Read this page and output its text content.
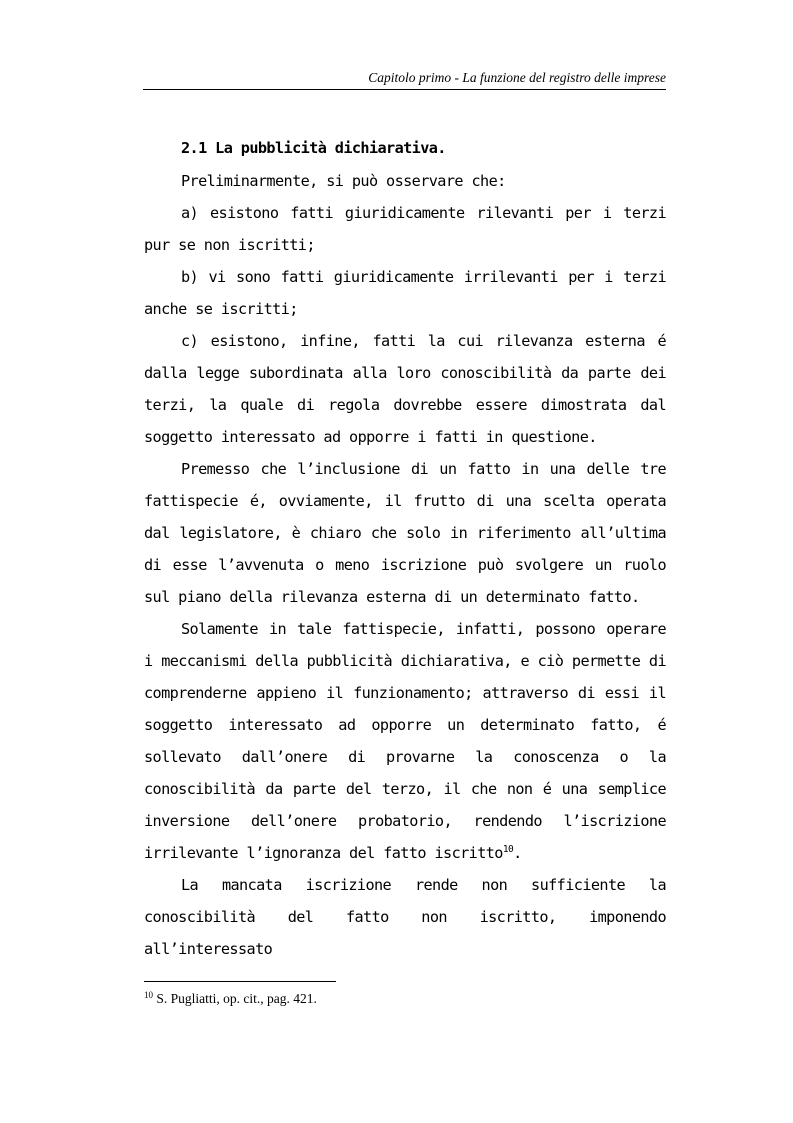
Capitolo primo - La funzione del registro delle imprese
2.1 La pubblicità dichiarativa.

Preliminarmente, si può osservare che:

a) esistono fatti giuridicamente rilevanti per i terzi pur se non iscritti;

b) vi sono fatti giuridicamente irrilevanti per i terzi anche se iscritti;

c) esistono, infine, fatti la cui rilevanza esterna é dalla legge subordinata alla loro conoscibilità da parte dei terzi, la quale di regola dovrebbe essere dimostrata dal soggetto interessato ad opporre i fatti in questione.

Premesso che l’inclusione di un fatto in una delle tre fattispecie é, ovviamente, il frutto di una scelta operata dal legislatore, è chiaro che solo in riferimento all’ultima di esse l’avvenuta o meno iscrizione può svolgere un ruolo sul piano della rilevanza esterna di un determinato fatto.

Solamente in tale fattispecie, infatti, possono operare i meccanismi della pubblicità dichiarativa, e ciò permette di comprenderne appieno il funzionamento; attraverso di essi il soggetto interessato ad opporre un determinato fatto, é sollevato dall’onere di provarne la conoscenza o la conoscibilità da parte del terzo, il che non é una semplice inversione dell’onere probatorio, rendendo l’iscrizione irrilevante l’ignoranza del fatto iscritto$^{10}$.

La mancata iscrizione rende non sufficiente la conoscibilità del fatto non iscritto, imponendo all’interessato

$^{10}$ S. Pugliatti, op. cit., pag. 421.
